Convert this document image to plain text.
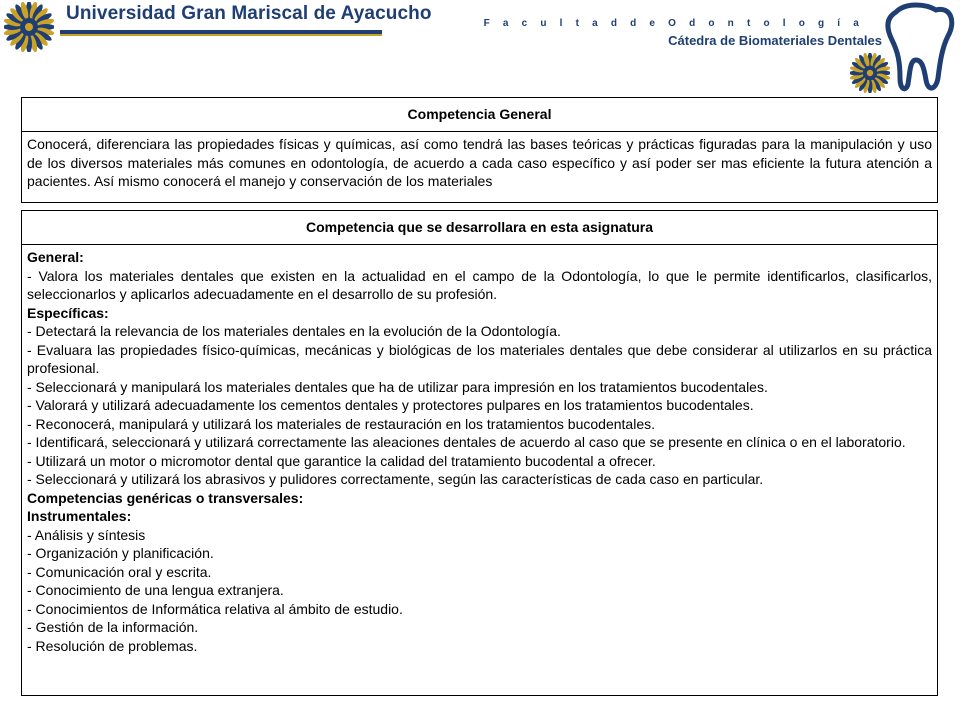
Universidad Gran Mariscal de Ayacucho	F a c u l t a d d e O d o n t o l o g í a
Cátedra de Biomateriales Dentales
Competencia General
Conocerá, diferenciara las propiedades físicas y químicas, así como tendrá las bases teóricas y prácticas figuradas para la manipulación y uso de los diversos materiales más comunes en odontología, de acuerdo a cada caso específico y así poder ser mas eficiente la futura atención a pacientes. Así mismo conocerá el manejo y conservación de los materiales
Competencia que se desarrollara en esta asignatura

General:

- Valora los materiales dentales que existen en la actualidad en el campo de la Odontología, lo que le permite identificarlos, clasificarlos, seleccionarlos y aplicarlos adecuadamente en el desarrollo de su profesión.

Específicas:

- Detectará la relevancia de los materiales dentales en la evolución de la Odontología.

- Evaluara las propiedades físico-químicas, mecánicas y biológicas de los materiales dentales que debe considerar al utilizarlos en su práctica profesional.

- Seleccionará y manipulará los materiales dentales que ha de utilizar para impresión en los tratamientos bucodentales.

- Valorará y utilizará adecuadamente los cementos dentales y protectores pulpares en los tratamientos bucodentales.

- Reconocerá, manipulará y utilizará los materiales de restauración en los tratamientos bucodentales.

- Identificará, seleccionará y utilizará correctamente las aleaciones dentales de acuerdo al caso que se presente en clínica o en el laboratorio.

- Utilizará un motor o micromotor dental que garantice la calidad del tratamiento bucodental a ofrecer.

- Seleccionará y utilizará los abrasivos y pulidores correctamente, según las características de cada caso en particular.

Competencias genéricas o transversales:

Instrumentales:

- Análisis y síntesis

- Organización y planificación.

- Comunicación oral y escrita.

- Conocimiento de una lengua extranjera.

- Conocimientos de Informática relativa al ámbito de estudio.

- Gestión de la información.

- Resolución de problemas.
